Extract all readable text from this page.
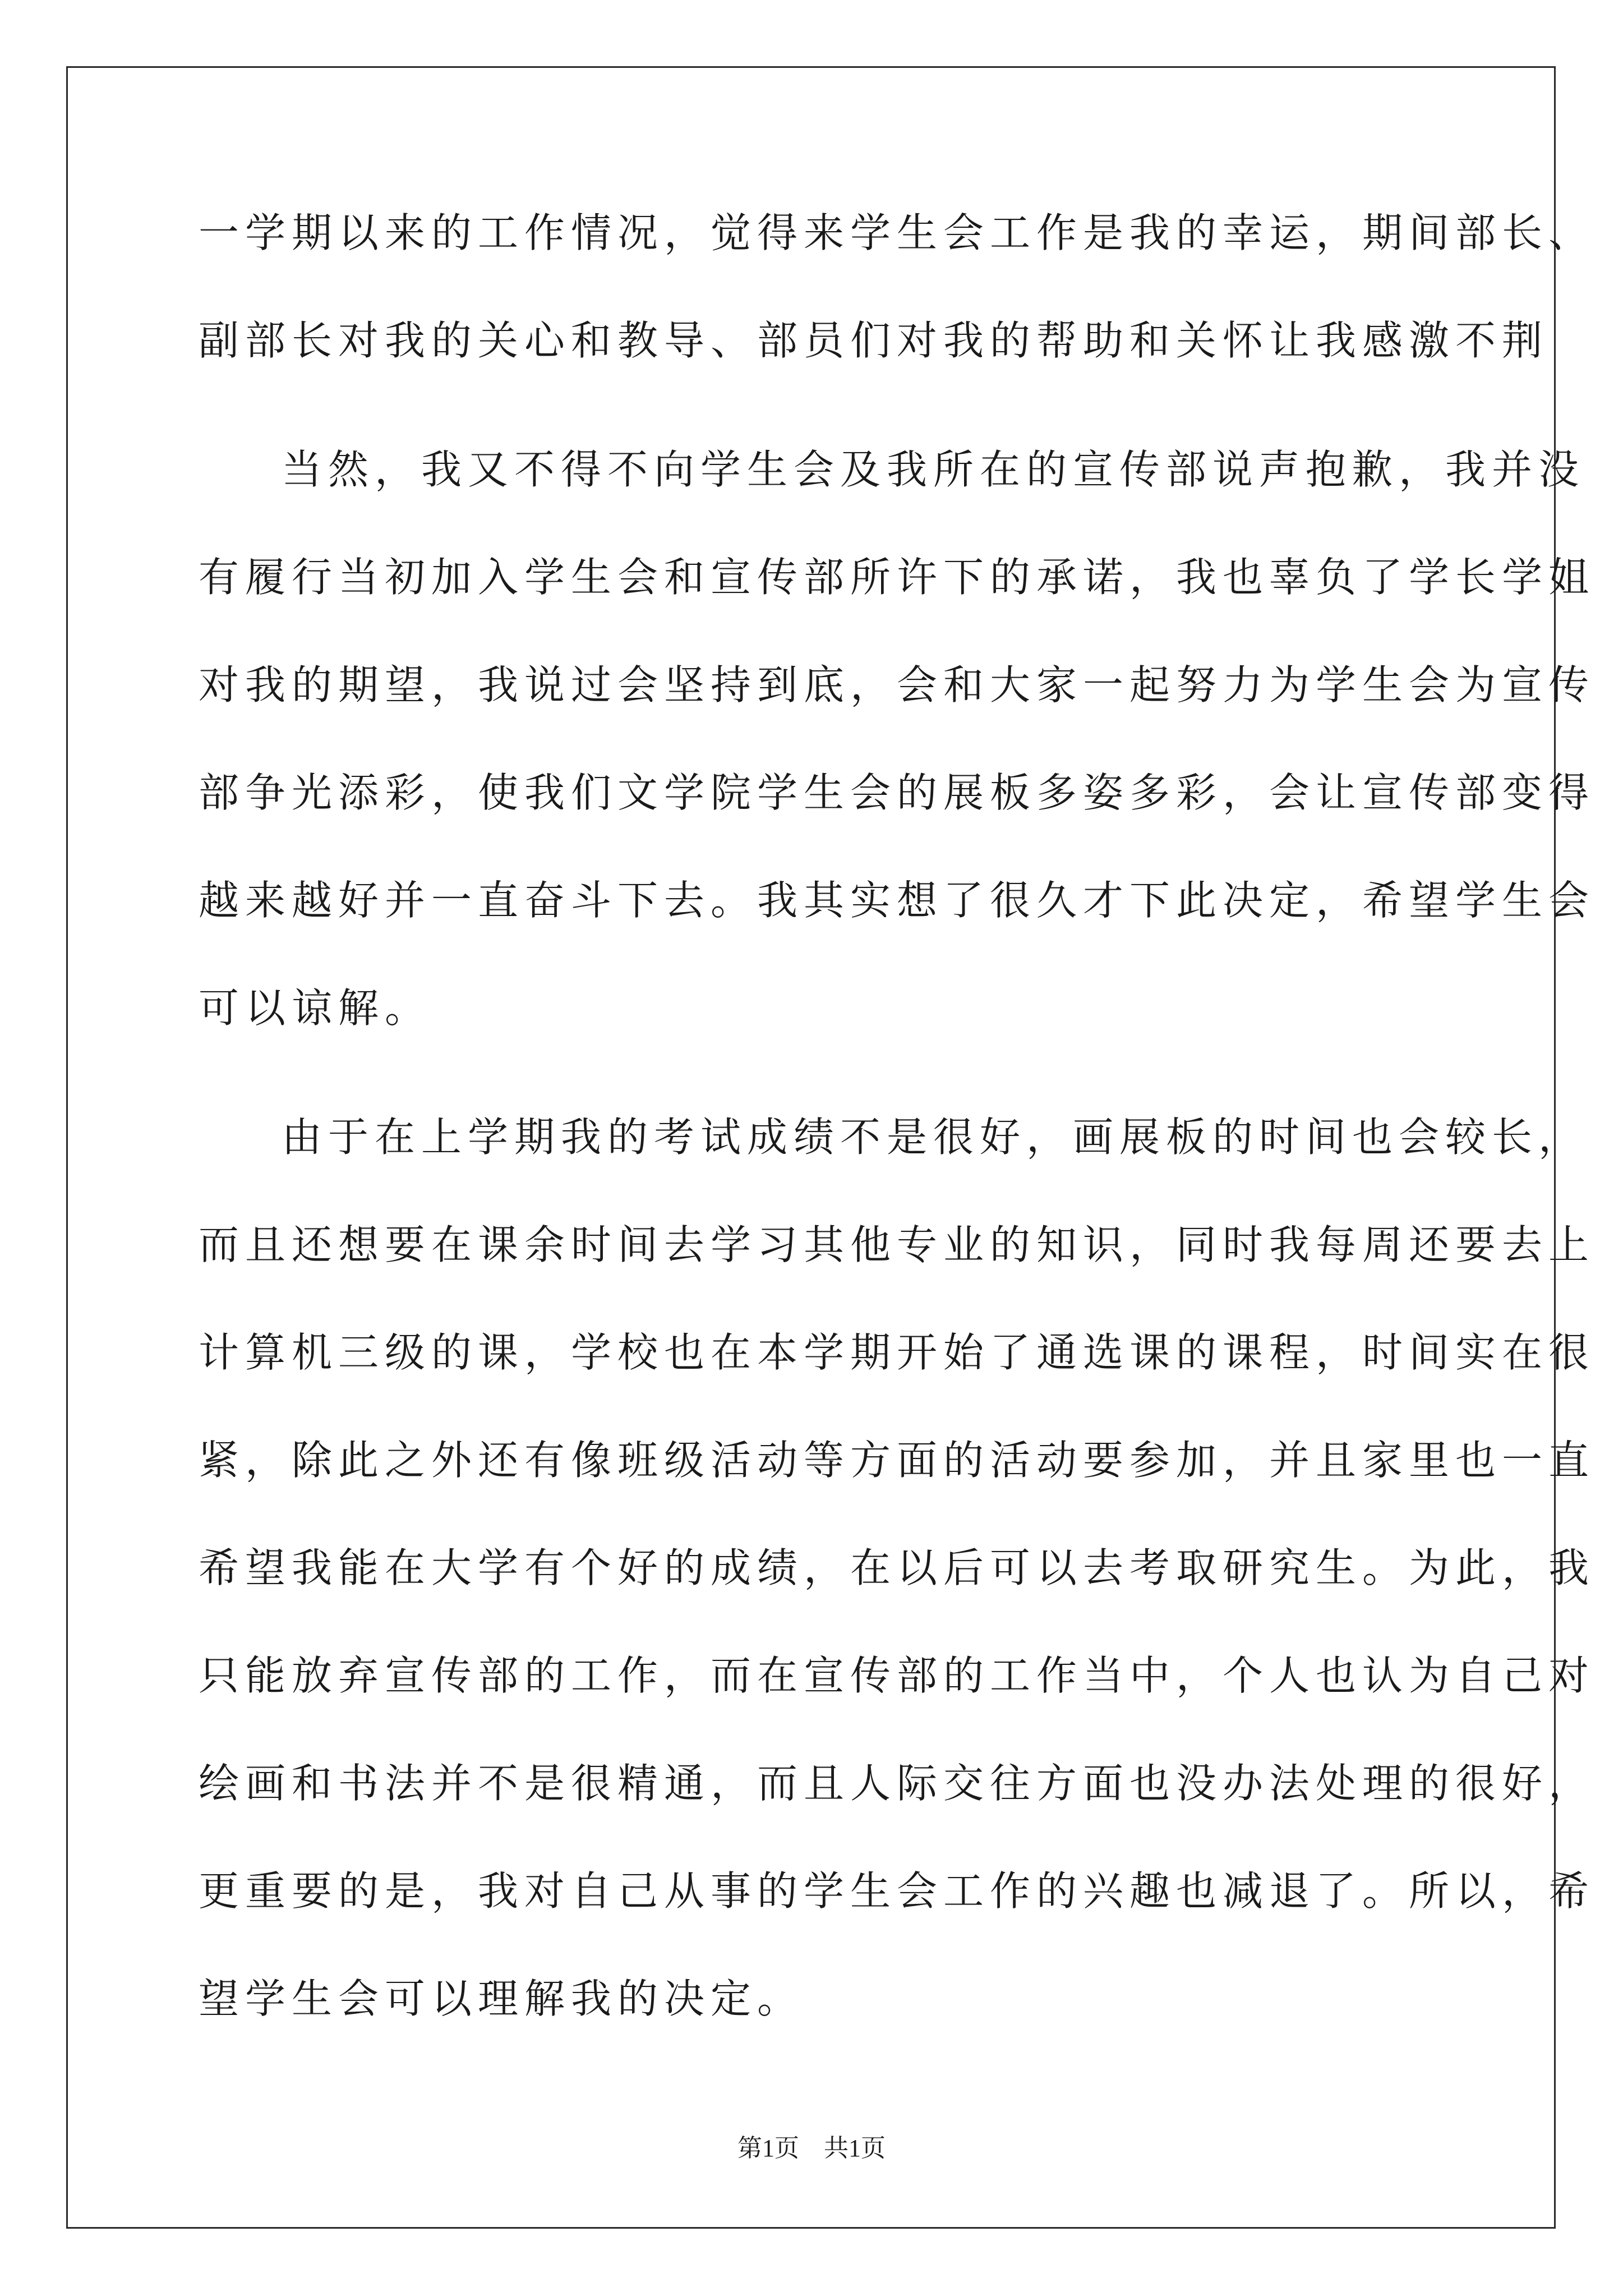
一学期以来的工作情况，觉得来学生会工作是我的幸运，期间部长、
副部长对我的关心和教导、部员们对我的帮助和关怀让我感激不荆
当然，我又不得不向学生会及我所在的宣传部说声抱歉，我并没
有履行当初加入学生会和宣传部所许下的承诺，我也辜负了学长学姐
对我的期望，我说过会坚持到底，会和大家一起努力为学生会为宣传
部争光添彩，使我们文学院学生会的展板多姿多彩，会让宣传部变得
越来越好并一直奋斗下去。我其实想了很久才下此决定，希望学生会
可以谅解。
由于在上学期我的考试成绩不是很好，画展板的时间也会较长，
而且还想要在课余时间去学习其他专业的知识，同时我每周还要去上
计算机三级的课，学校也在本学期开始了通选课的课程，时间实在很
紧，除此之外还有像班级活动等方面的活动要参加，并且家里也一直
希望我能在大学有个好的成绩，在以后可以去考取研究生。为此，我
只能放弃宣传部的工作，而在宣传部的工作当中，个人也认为自己对
绘画和书法并不是很精通，而且人际交往方面也没办法处理的很好，
更重要的是，我对自己从事的学生会工作的兴趣也减退了。所以，希
望学生会可以理解我的决定。
第1页　共1页
